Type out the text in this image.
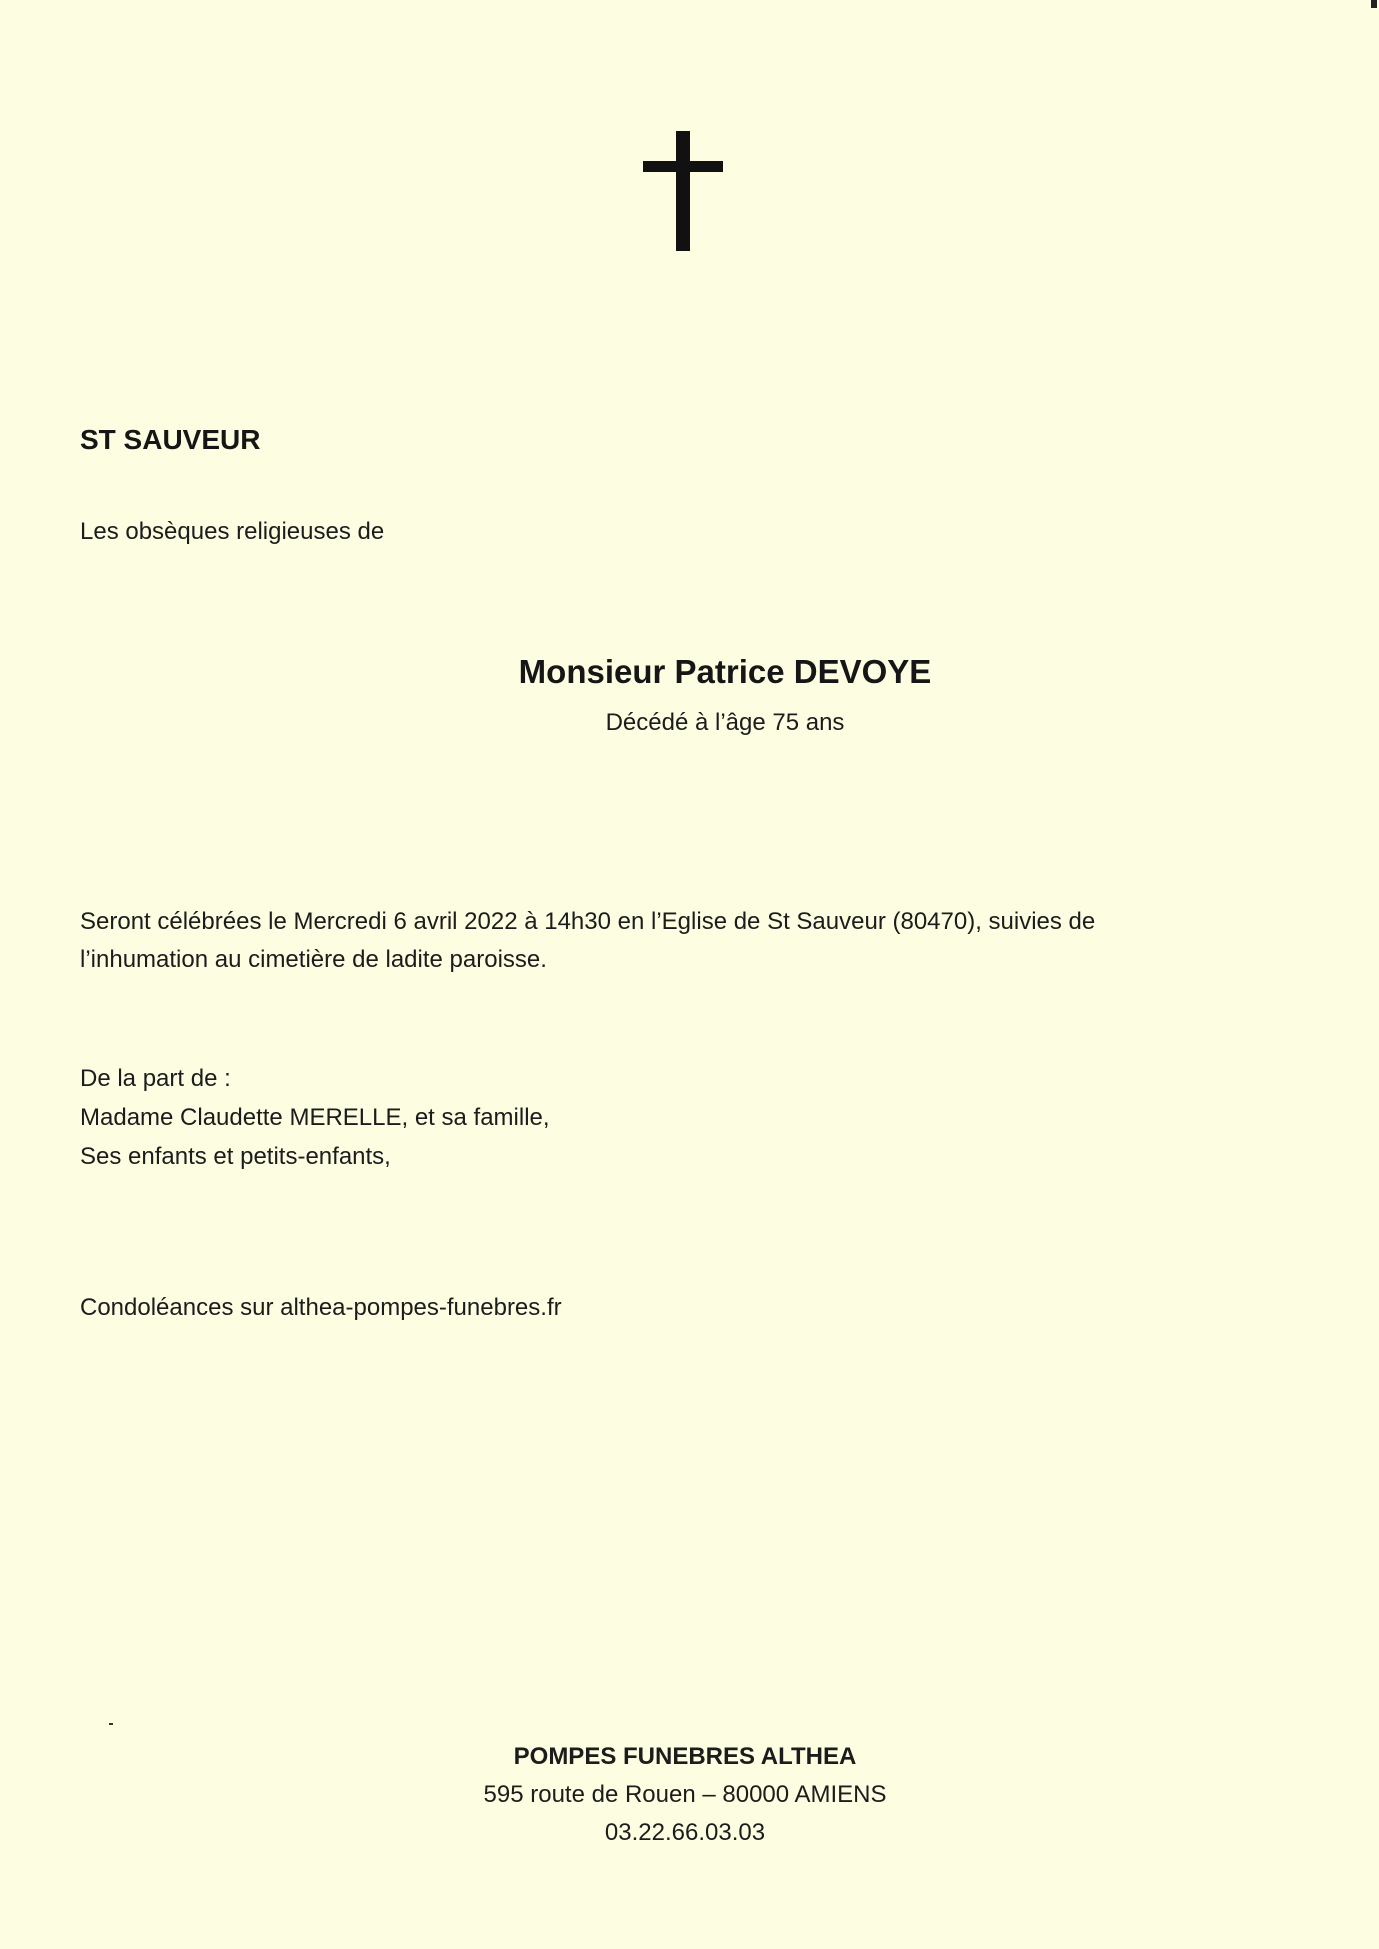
ST SAUVEUR

Les obsèques religieuses de

Monsieur Patrice DEVOYE

Décédé à l’âge 75 ans

Seront célébrées le Mercredi 6 avril 2022 à 14h30 en l’Eglise de St Sauveur (80470), suivies de
l’inhumation au cimetière de ladite paroisse.

De la part de :
Madame Claudette MERELLE, et sa famille,
Ses enfants et petits-enfants,

Condoléances sur althea-pompes-funebres.fr

POMPES FUNEBRES ALTHEA
595 route de Rouen – 80000 AMIENS
03.22.66.03.03
